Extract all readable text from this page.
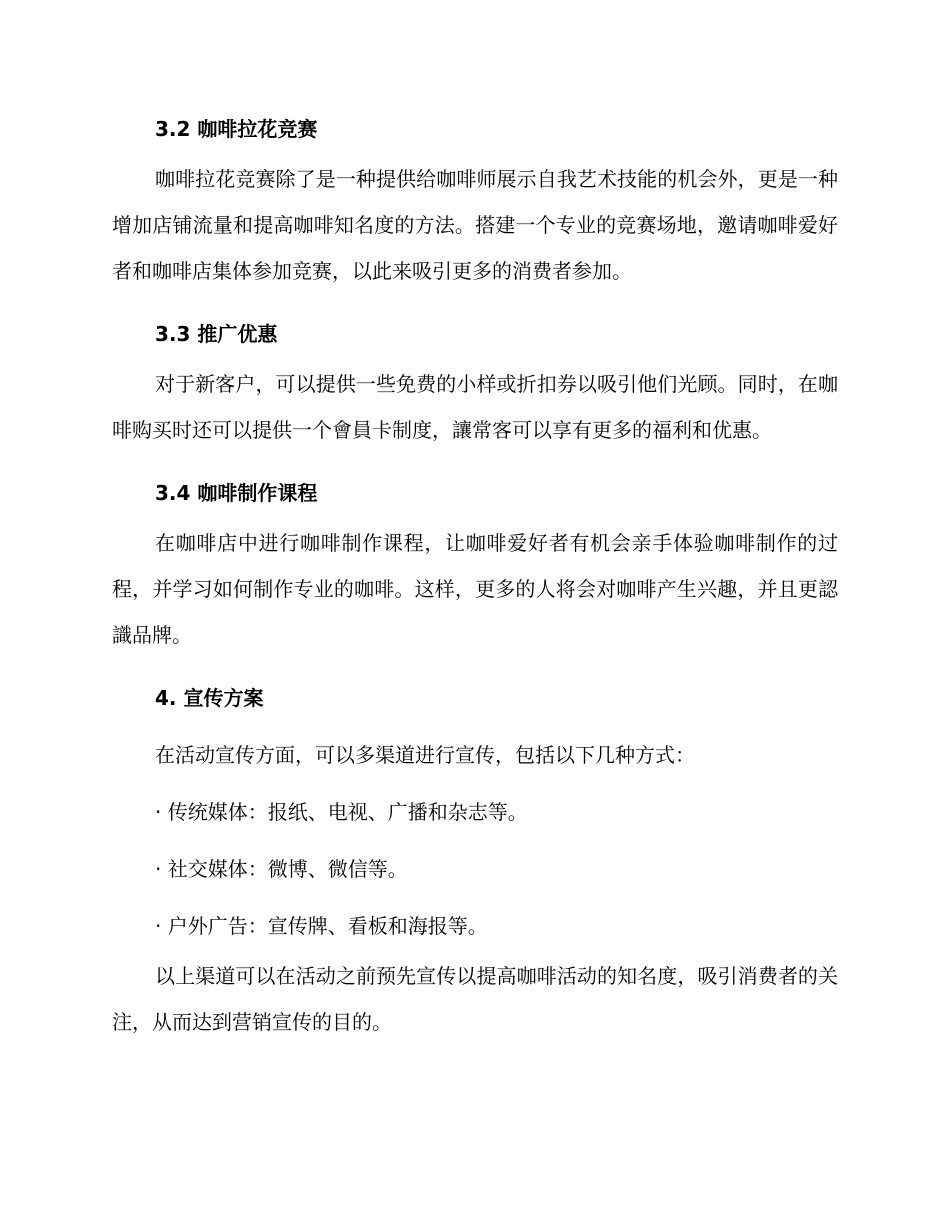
3.2 咖啡拉花竞赛

咖啡拉花竞赛除了是一种提供给咖啡师展示自我艺术技能的机会外，更是一种增加店铺流量和提高咖啡知名度的方法。搭建一个专业的竞赛场地，邀请咖啡爱好者和咖啡店集体参加竞赛，以此来吸引更多的消费者参加。

3.3 推广优惠

对于新客户，可以提供一些免费的小样或折扣券以吸引他们光顾。同时，在咖啡购买时还可以提供一个會員卡制度，讓常客可以享有更多的福利和优惠。

3.4 咖啡制作课程

在咖啡店中进行咖啡制作课程，让咖啡爱好者有机会亲手体验咖啡制作的过程，并学习如何制作专业的咖啡。这样，更多的人将会对咖啡产生兴趣，并且更認識品牌。

4. 宣传方案

在活动宣传方面，可以多渠道进行宣传，包括以下几种方式：

· 传统媒体：报纸、电视、广播和杂志等。

· 社交媒体：微博、微信等。

· 户外广告：宣传牌、看板和海报等。

以上渠道可以在活动之前预先宣传以提高咖啡活动的知名度，吸引消费者的关注，从而达到营销宣传的目的。
